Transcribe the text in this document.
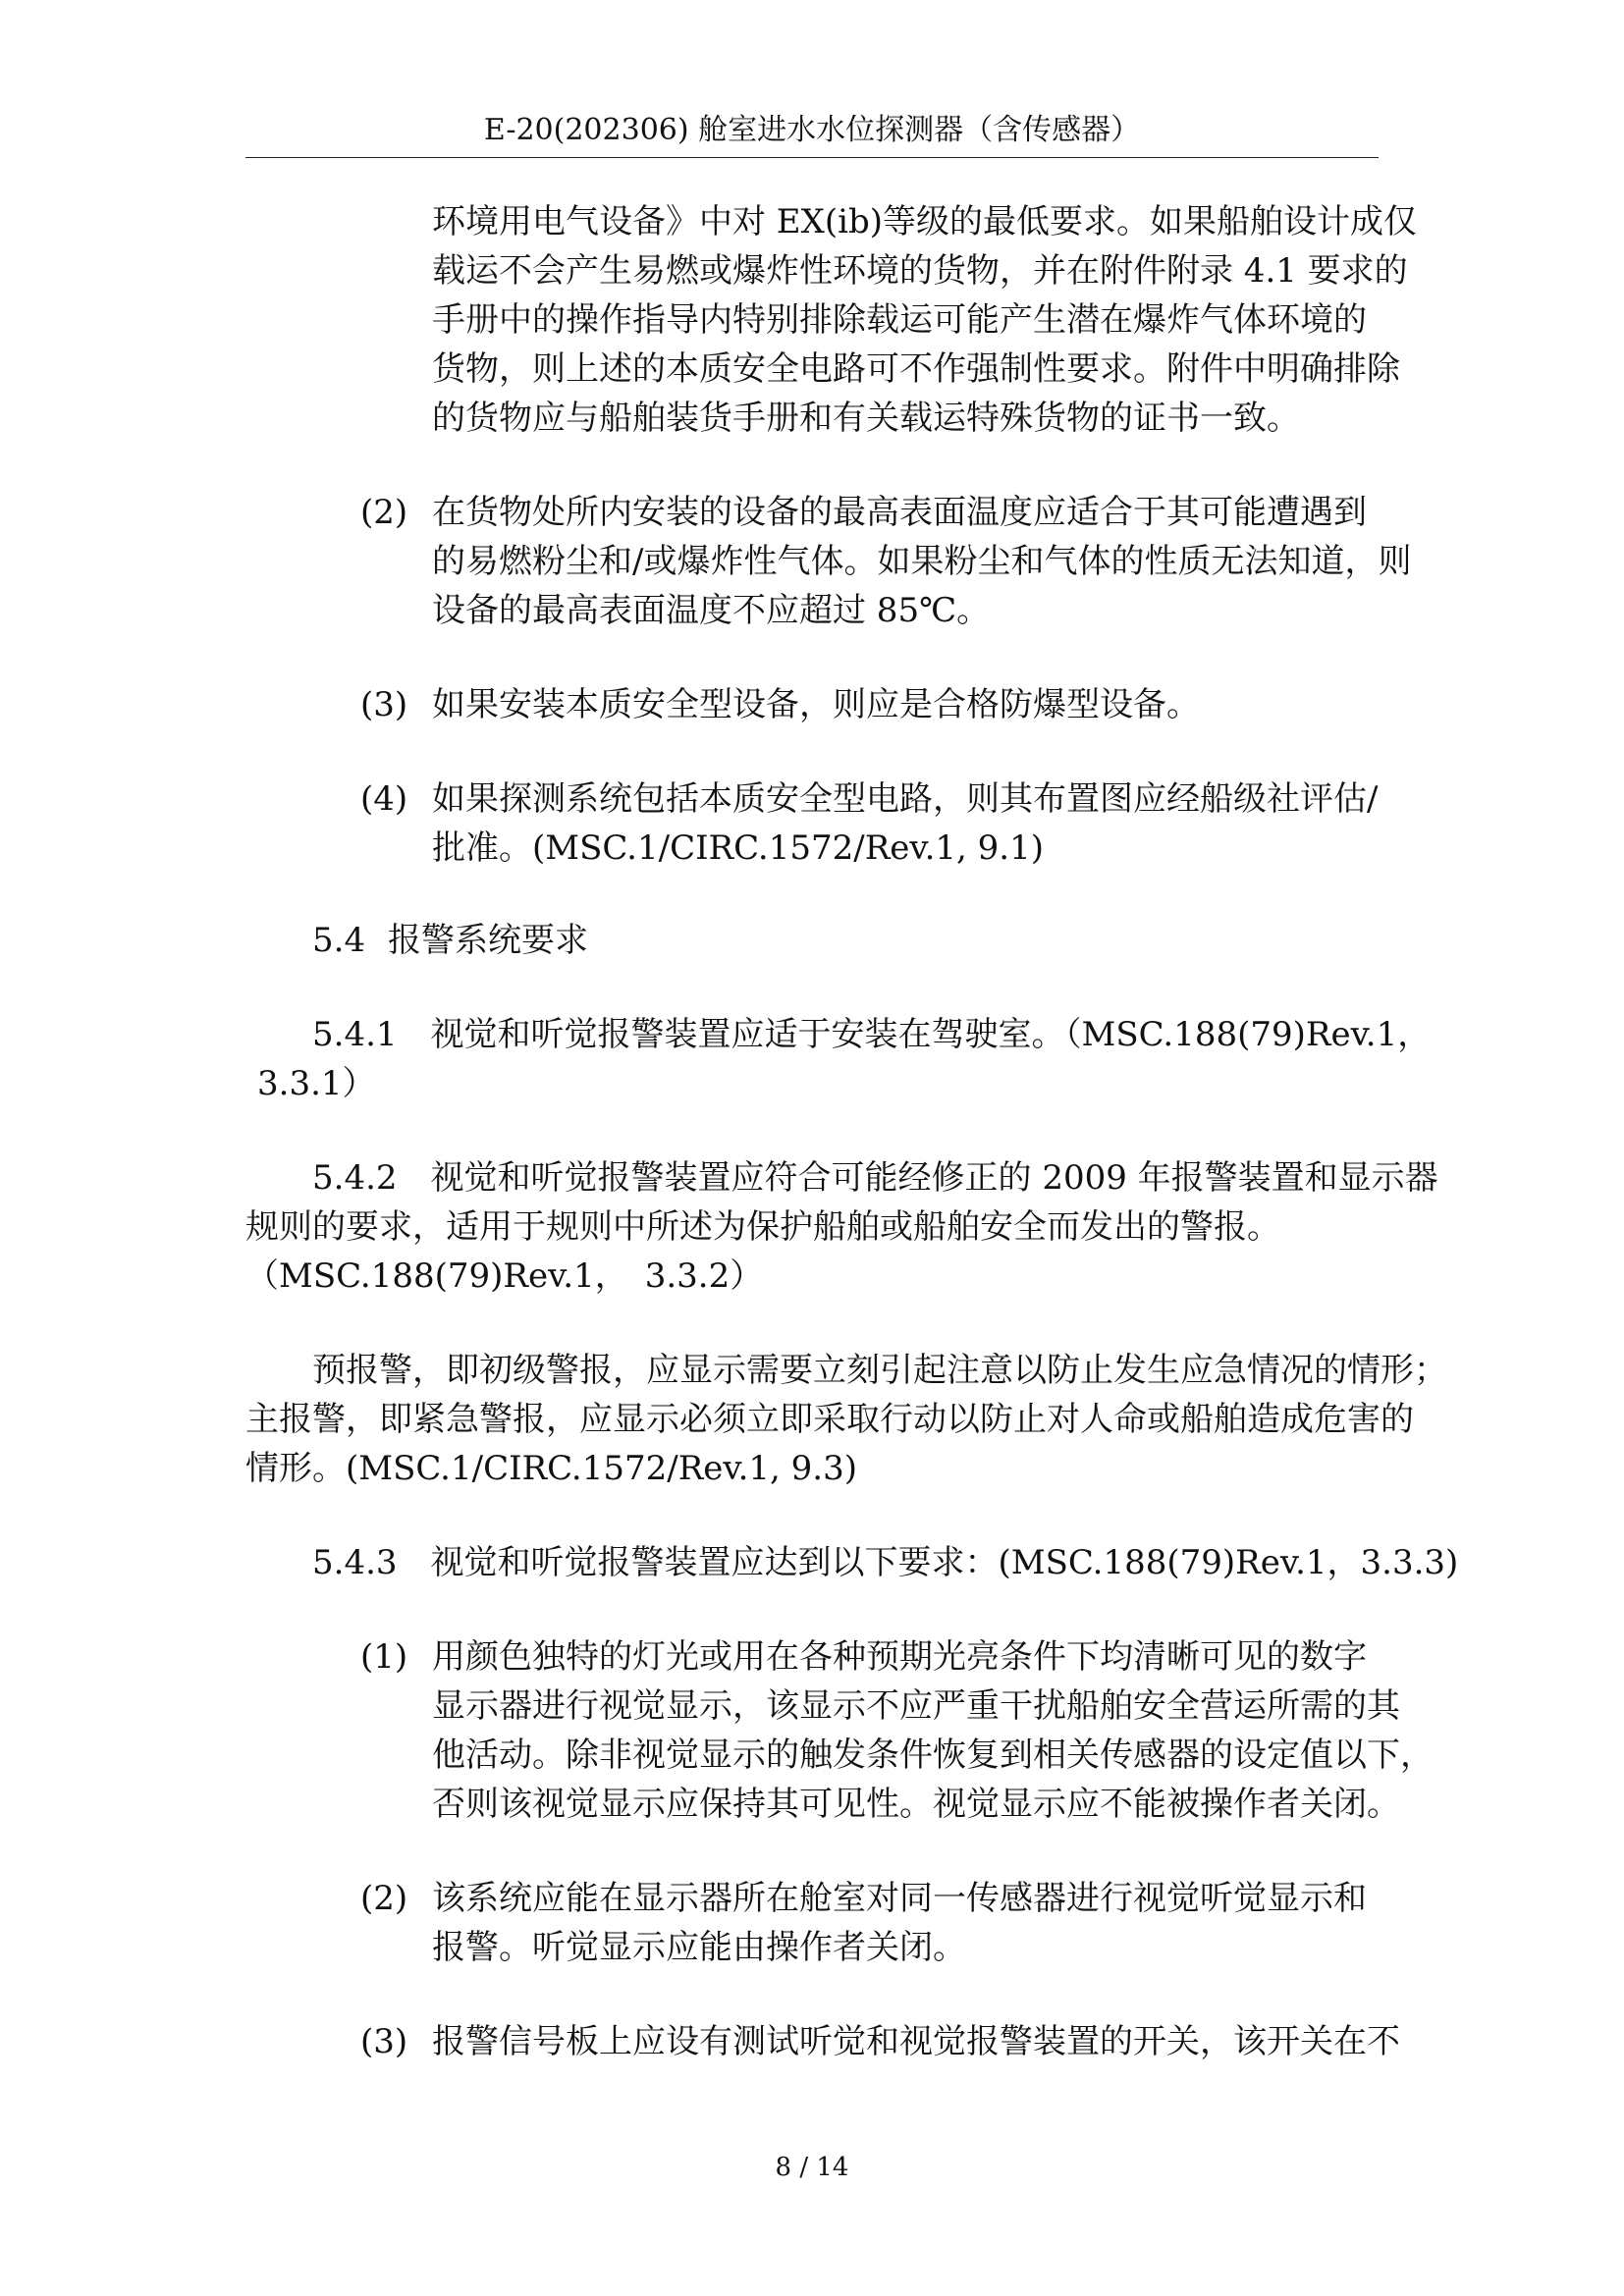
E-20(202306) 舱室进水水位探测器（含传感器）
环境用电气设备》中对 EX(ib)等级的最低要求。如果船舶设计成仅
载运不会产生易燃或爆炸性环境的货物，并在附件附录 4.1 要求的
手册中的操作指导内特别排除载运可能产生潜在爆炸气体环境的
货物，则上述的本质安全电路可不作强制性要求。附件中明确排除
的货物应与船舶装货手册和有关载运特殊货物的证书一致。
(2) 在货物处所内安装的设备的最高表面温度应适合于其可能遭遇到
的易燃粉尘和/或爆炸性气体。如果粉尘和气体的性质无法知道，则
设备的最高表面温度不应超过 85℃。
(3) 如果安装本质安全型设备，则应是合格防爆型设备。
(4) 如果探测系统包括本质安全型电路，则其布置图应经船级社评估/
批准。(MSC.1/CIRC.1572/Rev.1, 9.1)
5.4 报警系统要求
5.4.1　视觉和听觉报警装置应适于安装在驾驶室。（MSC.188(79)Rev.1，
3.3.1）
5.4.2　视觉和听觉报警装置应符合可能经修正的 2009 年报警装置和显示器
规则的要求，适用于规则中所述为保护船舶或船舶安全而发出的警报。
（MSC.188(79)Rev.1，　3.3.2）
预报警，即初级警报，应显示需要立刻引起注意以防止发生应急情况的情形；
主报警，即紧急警报，应显示必须立即采取行动以防止对人命或船舶造成危害的
情形。(MSC.1/CIRC.1572/Rev.1, 9.3)
5.4.3　视觉和听觉报警装置应达到以下要求：(MSC.188(79)Rev.1，3.3.3)
(1) 用颜色独特的灯光或用在各种预期光亮条件下均清晰可见的数字
显示器进行视觉显示，该显示不应严重干扰船舶安全营运所需的其
他活动。除非视觉显示的触发条件恢复到相关传感器的设定值以下，
否则该视觉显示应保持其可见性。视觉显示应不能被操作者关闭。
(2) 该系统应能在显示器所在舱室对同一传感器进行视觉听觉显示和
报警。听觉显示应能由操作者关闭。
(3) 报警信号板上应设有测试听觉和视觉报警装置的开关，该开关在不
8 / 14
